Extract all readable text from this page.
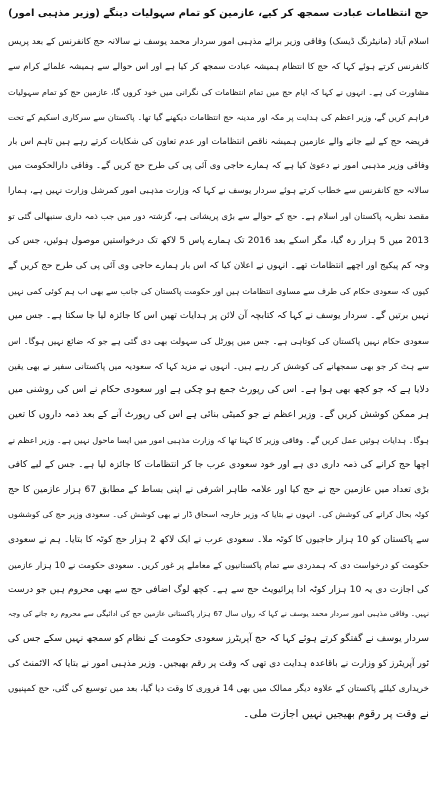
حج انتظامات عبادت سمجھ کر کیے، عازمین کو تمام سہولیات دینگے (وزیر مذہبی امور)
اسلام آباد (مانیٹرنگ ڈیسک) وفاقی وزیر برائے مذہبی امور سردار محمد یوسف نے سالانہ حج کانفرنس کے بعد پریس
کانفرنس کرتے ہوئے کہا کہ حج کا انتظام ہمیشہ عبادت سمجھ کر کیا ہے اور اس حوالے سے ہمیشہ علمائے کرام سے
مشاورت کی ہے۔ انہوں نے کہا کہ ایام حج میں تمام انتظامات کی نگرانی میں خود کروں گا، عازمین حج کو تمام سہولیات
فراہم کریں گے، وزیر اعظم کی ہدایت پر مکہ اور مدینہ حج انتظامات دیکھنے گیا تھا۔ پاکستان سے سرکاری اسکیم کے تحت
فریضہ حج کے لیے جانے والے عازمین ہمیشہ ناقص انتظامات اور عدم تعاون کی شکایات کرتے رہے ہیں تاہم اس بار
وفاقی وزیر مذہبی امور نے دعویٰ کیا ہے کہ ہمارے حاجی وی آئی پی کی طرح حج کریں گے۔ وفاقی دارالحکومت میں
سالانہ حج کانفرنس سے خطاب کرتے ہوئے سردار یوسف نے کہا کہ وزارت مذہبی امور کمرشل وزارت نہیں ہے، ہمارا
مقصد نظریہ پاکستان اور اسلام ہے۔ حج کے حوالے سے بڑی پریشانی ہے، گزشتہ دور میں جب ذمہ داری سنبھالی گئی تو
2013 میں 5 ہزار رہ گیا، مگر اسکے بعد 2016 تک ہمارے پاس 5 لاکھ تک درخواستیں موصول ہوئیں، جس کی
وجہ کم پیکیج اور اچھے انتظامات تھے۔ انہوں نے اعلان کیا کہ اس بار ہمارے حاجی وی آئی پی کی طرح حج کریں گے
کیوں کہ سعودی حکام کی طرف سے مساوی انتظامات ہیں اور حکومت پاکستان کی جانب سے بھی اب ہم کوئی کمی نہیں
نہیں برتیں گے۔ سردار یوسف نے کہا کہ کتابچہ آن لائن پر ہدایات تھیں اس کا جائزہ لیا جا سکتا ہے۔ جس میں
سعودی حکام نہیں پاکستان کی کوتاہی ہے۔ جس میں پورٹل کی سہولت بھی دی گئی ہے جو کہ ضائع نہیں ہوگا۔ اس
سے ہٹ کر جو بھی سمجھانے کی کوشش کر رہے ہیں۔ انہوں نے مزید کہا کہ سعودیہ میں پاکستانی سفیر نے بھی یقین
دلایا ہے کہ جو کچھ بھی ہوا ہے۔ اس کی رپورٹ جمع ہو چکی ہے اور سعودی حکام نے اس کی روشنی میں
ہر ممکن کوشش کریں گے۔ وزیر اعظم نے جو کمیٹی بنائی ہے اس کی رپورٹ آنے کے بعد ذمہ داروں کا تعین
ہوگا۔ ہدایات ہوئیں عمل کریں گے۔ وفاقی وزیر کا کہنا تھا کہ وزارت مذہبی امور میں ایسا ماحول نہیں ہے۔ وزیر اعظم نے
اچھا حج کرانے کی ذمہ داری دی ہے اور خود سعودی عرب جا کر انتظامات کا جائزہ لیا ہے۔ جس کے لیے کافی
بڑی تعداد میں عازمین حج نے حج کیا اور علامہ طاہر اشرفی نے اپنی بساط کے مطابق 67 ہزار عازمین کا حج
کوٹہ بحال کرانے کی کوشش کی۔ انہوں نے بتایا کہ وزیر خارجہ اسحاق ڈار نے بھی کوشش کی۔ سعودی وزیر حج کی کوششوں
سے پاکستان کو 10 ہزار حاجیوں کا کوٹہ ملا۔ سعودی عرب نے ایک لاکھ 2 ہزار حج کوٹہ کا بتایا۔ ہم نے سعودی
حکومت کو درخواست دی کہ ہمدردی سے تمام پاکستانیوں کے معاملے پر غور کریں۔ سعودی حکومت نے 10 ہزار عازمین
کی اجازت دی یہ 10 ہزار کوٹہ ادا پرائیویٹ حج سے ہے۔ کچھ لوگ اضافی حج سے بھی محروم ہیں جو درست
نہیں۔ وفاقی مذہبی امور سردار محمد یوسف نے کہا کہ رواں سال 67 ہزار پاکستانی عازمین حج کی ادائیگی سے محروم رہ جانے کی وجہ
سردار یوسف نے گفتگو کرتے ہوئے کہا کہ حج آپریٹرز سعودی حکومت کے نظام کو سمجھ نہیں سکے جس کی
ٹور آپریٹرز کو وزارت نے باقاعدہ ہدایت دی تھی کہ وقت پر رقم بھیجیں۔ وزیر مذہبی امور نے بتایا کہ الاٹمنٹ کی
خریداری کیلئے پاکستان کے علاوہ دیگر ممالک میں بھی 14 فروری کا وقت دیا گیا، بعد میں توسیع کی گئی، حج کمپنیوں
نے وقت پر رقوم بھیجیں نہیں اجازت ملی۔
